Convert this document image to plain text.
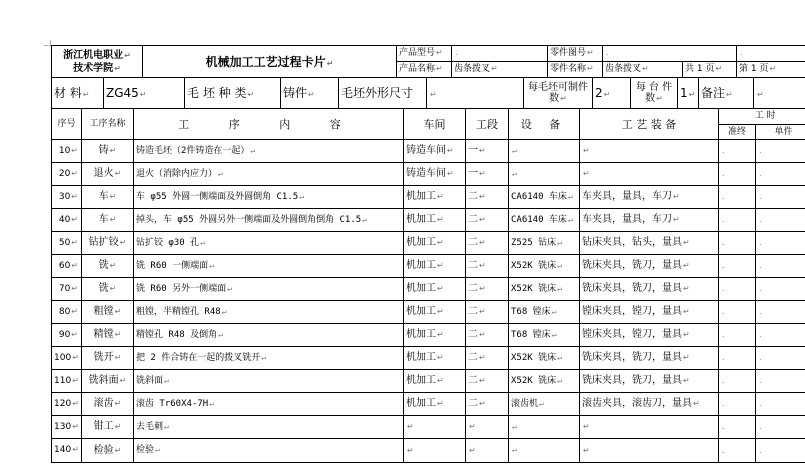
浙江机电职业↵
技术学院↵	机械加工工艺过程卡片↵	产品型号↵	.	零件图号↵	.		.
		产品名称↵	齿条拨叉↵	零件名称↵	齿条拨叉↵	共 1 页↵	第 1 页↵
材 料↵	ZG45↵	毛 坯 种 类↵	铸件↵	毛坯外形尺寸	↵	每毛坯可制件 数↵	2↵	每 台 件 数↵	1↵	备注↵	↵
序号	工序名称	工 序 内 容	车间	工段	设 备	工 艺 装 备	工 时	
							准终	单件
10↵	铸↵	铸造毛坯（2件铸造在一起）↵	铸造车间↵	一↵	↵	↵	.	.
20↵	退火↵	退火（消除内应力）↵	铸造车间↵	一↵	↵	↵	.	.
30↵	车↵	车 φ55 外圆一侧端面及外圆倒角 C1.5↵	机加工↵	二↵	CA6140 车床↵	车夹具，量具，车刀↵	.	.
40↵	车↵	掉头，车 φ55 外圆另外一侧端面及外圆倒角倒角 C1.5↵	机加工↵	二↵	CA6140 车床↵	车夹具，量具，车刀↵	.	.
50↵	钻扩铰↵	钻扩铰 φ30 孔↵	机加工↵	二↵	Z525 钻床↵	钻床夹具，钻头，量具↵	.	.
60↵	铣↵	铣 R60 一侧端面↵	机加工↵	二↵	X52K 铣床↵	铣床夹具，铣刀，量具↵	.	.
70↵	铣↵	铣 R60 另外一侧端面↵	机加工↵	二↵	X52K 铣床↵	铣床夹具，铣刀，量具↵	.	.
80↵	粗镗↵	粗镗，半精镗孔 R48↵	机加工↵	二↵	T68 镗床↵	镗床夹具，镗刀，量具↵	.	.
90↵	精镗↵	精镗孔 R48 及倒角↵	机加工↵	二↵	T68 镗床↵	镗床夹具，镗刀，量具↵	.	.
100↵	铣开↵	把 2 件合铸在一起的拨叉铣开↵	机加工↵	二↵	X52K 铣床↵	铣床夹具，铣刀，量具↵	.	.
110↵	铣斜面↵	铣斜面↵	机加工↵	二↵	X52K 铣床↵	铣床夹具，铣刀，量具↵	.	.
120↵	滚齿↵	滚齿 Tr60X4-7H↵	机加工↵	二↵	滚齿机↵	滚齿夹具，滚齿刀，量具↵	.	.
130↵	钳工↵	去毛刺↵	↵	↵	↵	↵	.	.
140↵	检验↵	检验↵	↵	↵	↵	↵	.	.
